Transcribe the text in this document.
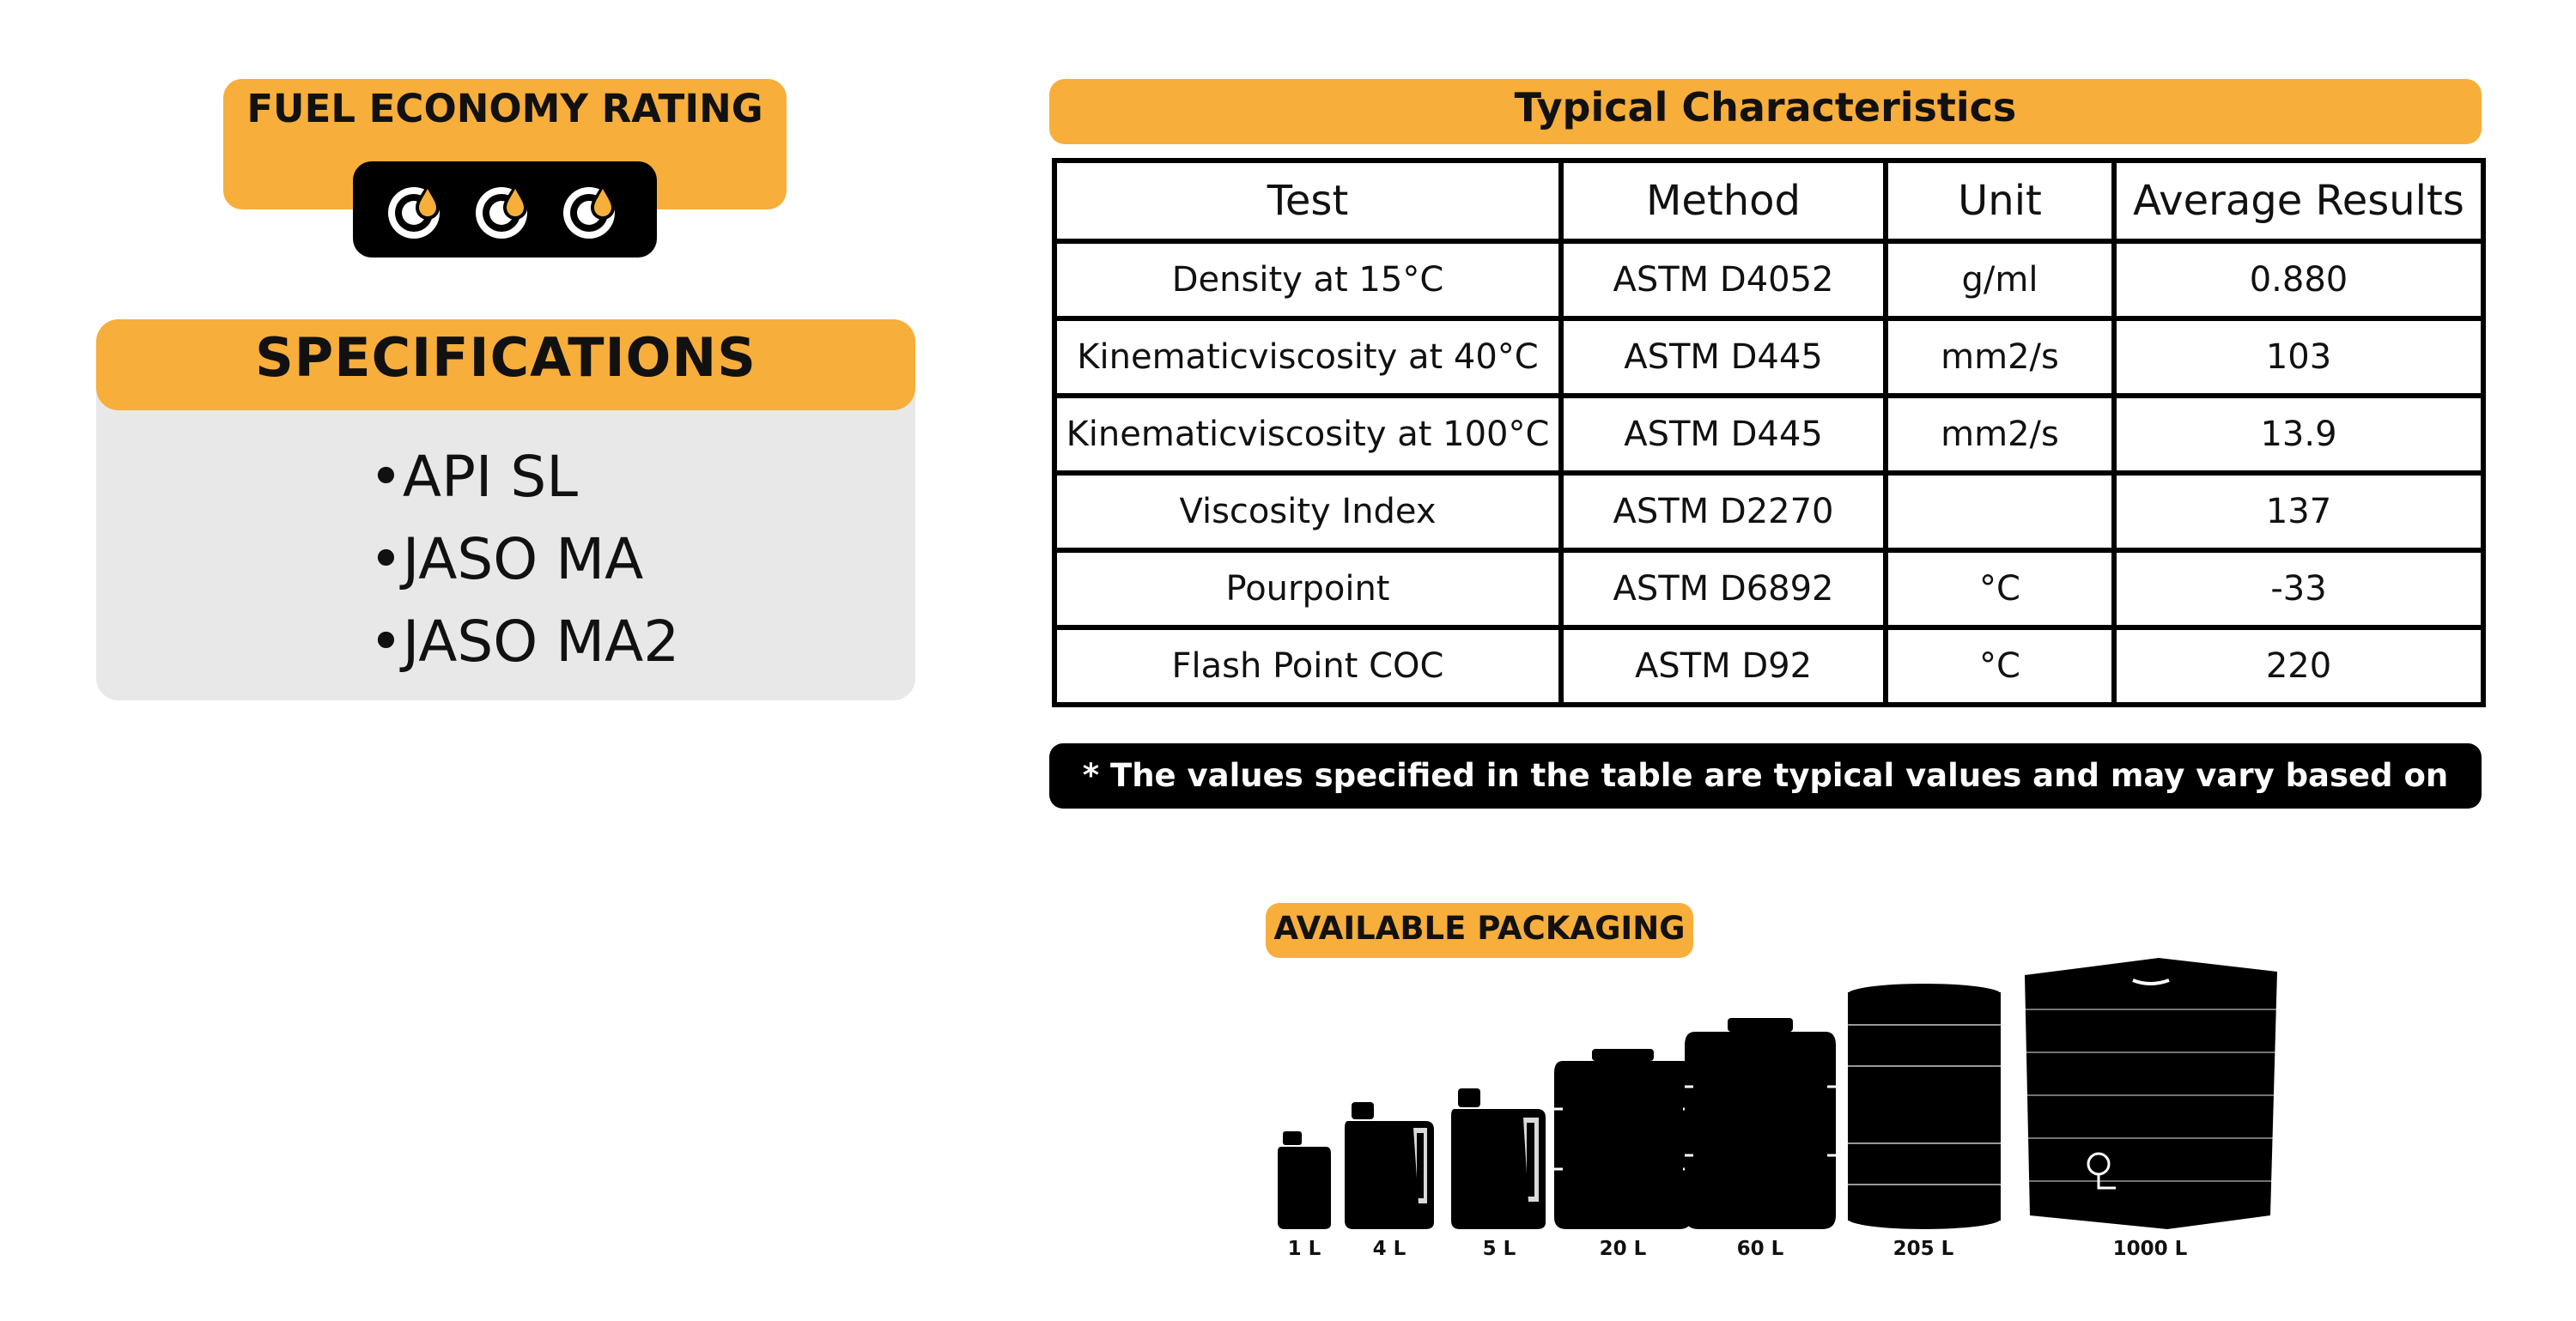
FUEL ECONOMY RATING
SPECIFICATIONS
•API SL
•JASO MA
•JASO MA2
Typical Characteristics
Test	Method	Unit	Average Results
Density at 15°C	ASTM D4052	g/ml	0.880
Kinematicviscosity at 40°C	ASTM D445	mm2/s	103
Kinematicviscosity at 100°C	ASTM D445	mm2/s	13.9
Viscosity Index	ASTM D2270		137
Pourpoint	ASTM D6892	°C	-33
Flash Point COC	ASTM D92	°C	220
* The values specified in the table are typical values and may vary based on production.
AVAILABLE PACKAGING
1 L	4 L	5 L	20 L	60 L	205 L	1000 L
